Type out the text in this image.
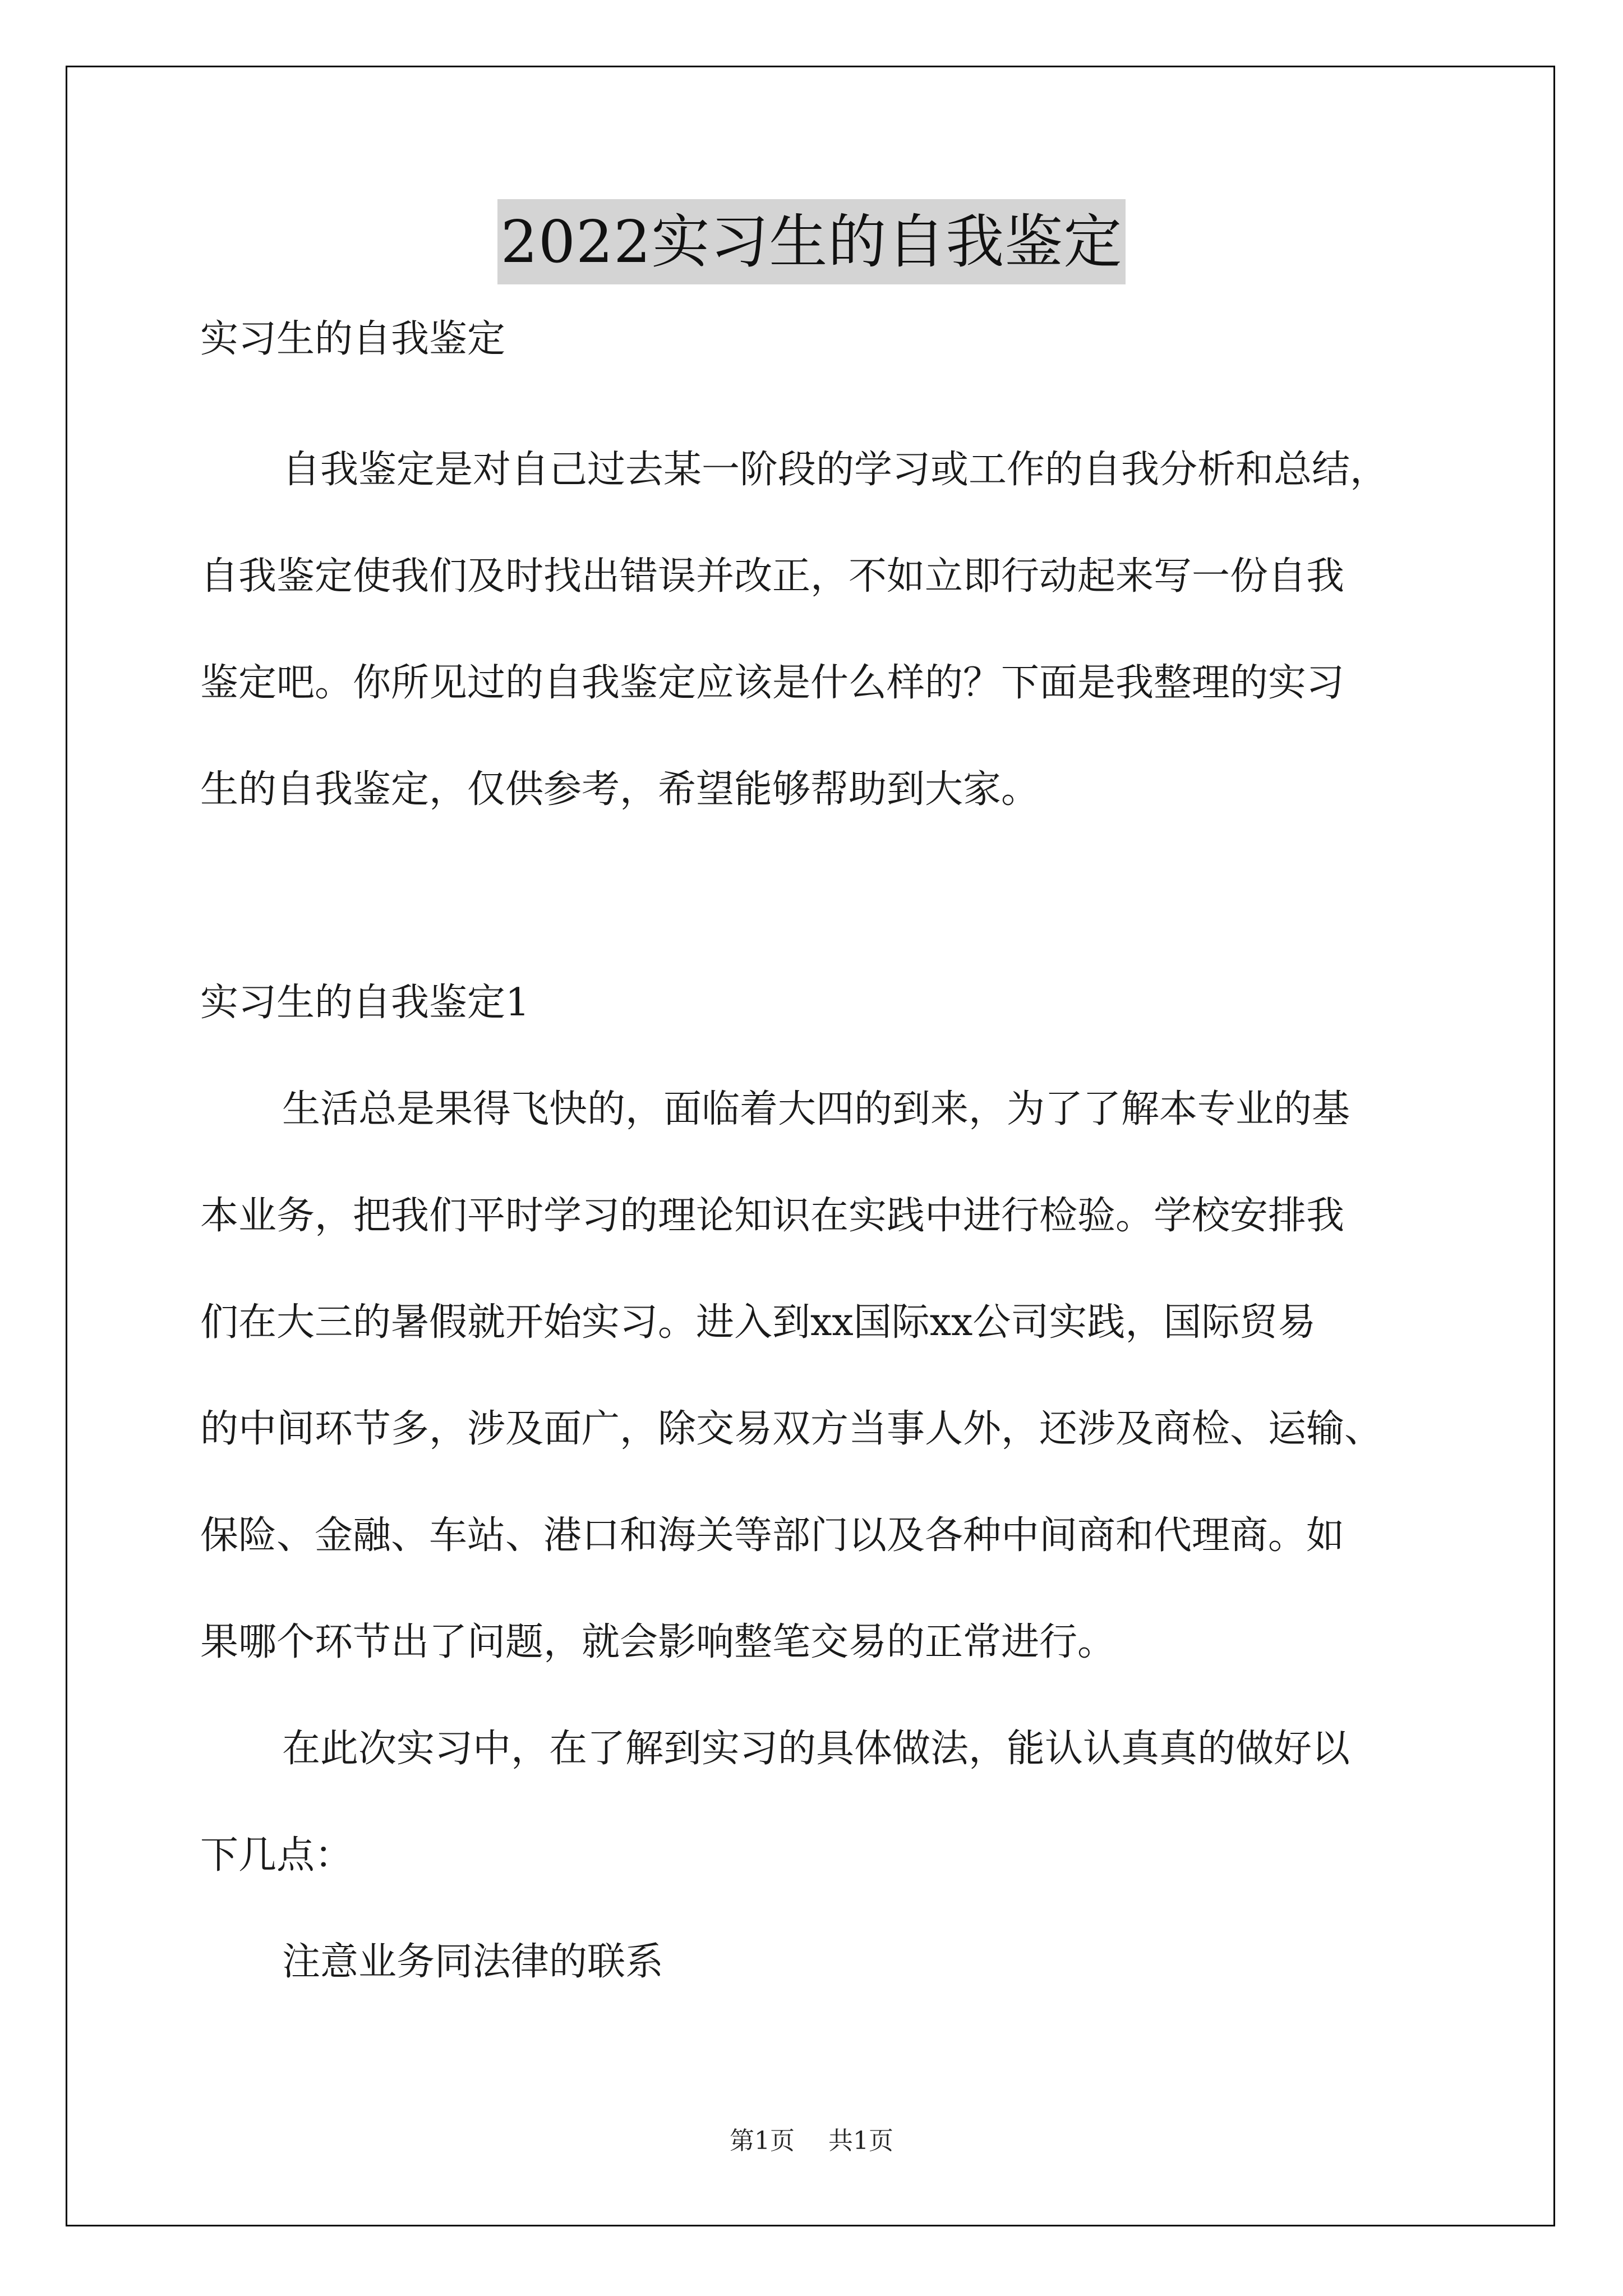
2022实习生的自我鉴定
实习生的自我鉴定
自我鉴定是对自己过去某一阶段的学习或工作的自我分析和总结，
自我鉴定使我们及时找出错误并改正，不如立即行动起来写一份自我
鉴定吧。你所见过的自我鉴定应该是什么样的？下面是我整理的实习
生的自我鉴定，仅供参考，希望能够帮助到大家。
实习生的自我鉴定1
生活总是果得飞快的，面临着大四的到来，为了了解本专业的基
本业务，把我们平时学习的理论知识在实践中进行检验。学校安排我
们在大三的暑假就开始实习。进入到xx国际xx公司实践，国际贸易
的中间环节多，涉及面广，除交易双方当事人外，还涉及商检、运输、
保险、金融、车站、港口和海关等部门以及各种中间商和代理商。如
果哪个环节出了问题，就会影响整笔交易的正常进行。
在此次实习中，在了解到实习的具体做法，能认认真真的做好以
下几点：
注意业务同法律的联系
第1页 共1页
